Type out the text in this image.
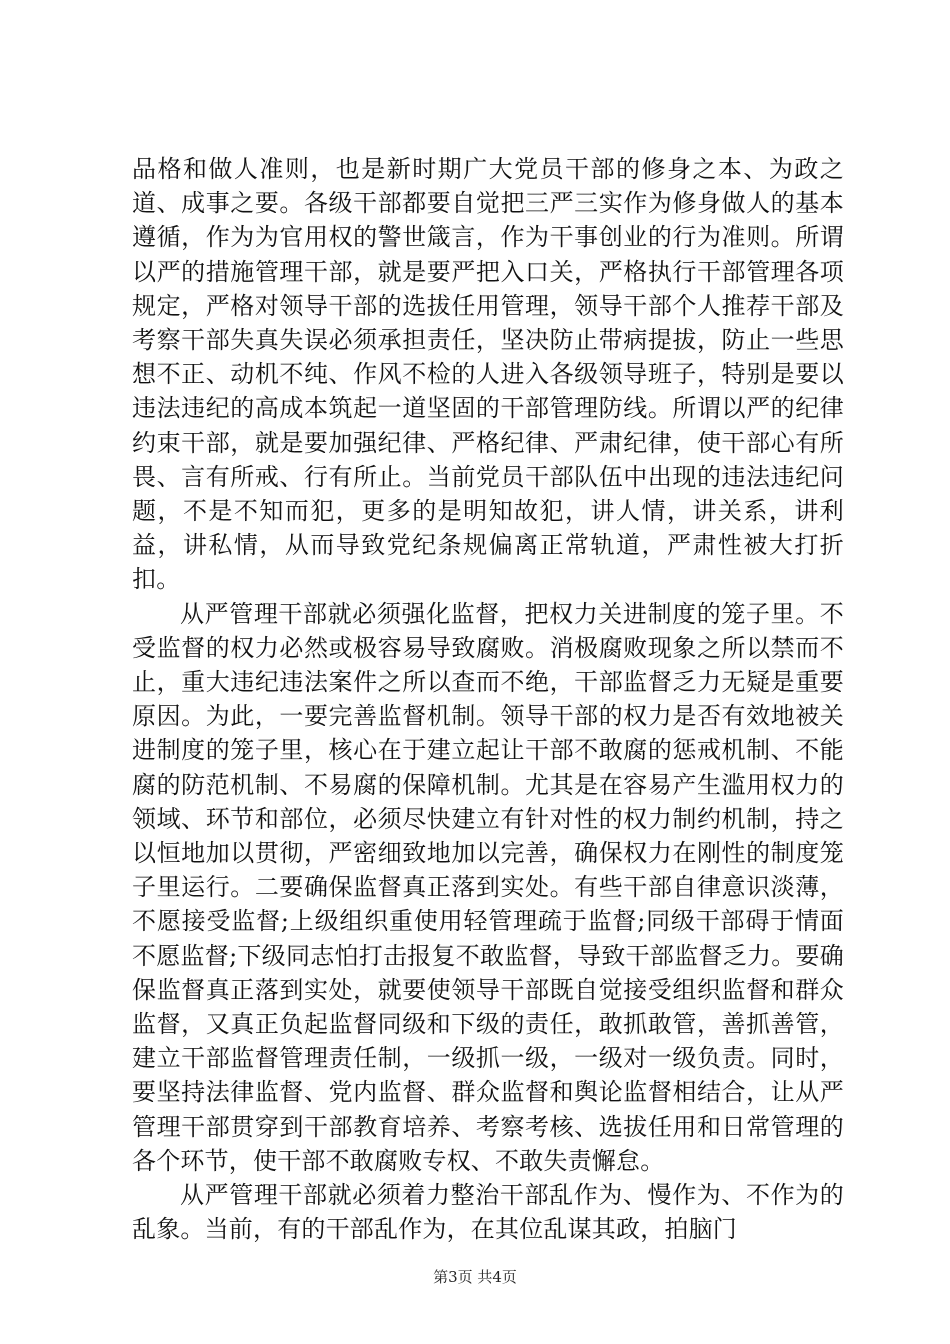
品格和做人准则，也是新时期广大党员干部的修身之本、为政之道、成事之要。各级干部都要自觉把三严三实作为修身做人的基本遵循，作为为官用权的警世箴言，作为干事创业的行为准则。所谓以严的措施管理干部，就是要严把入口关，严格执行干部管理各项规定，严格对领导干部的选拔任用管理，领导干部个人推荐干部及考察干部失真失误必须承担责任，坚决防止带病提拔，防止一些思想不正、动机不纯、作风不检的人进入各级领导班子，特别是要以违法违纪的高成本筑起一道坚固的干部管理防线。所谓以严的纪律约束干部，就是要加强纪律、严格纪律、严肃纪律，使干部心有所畏、言有所戒、行有所止。当前党员干部队伍中出现的违法违纪问题，不是不知而犯，更多的是明知故犯，讲人情，讲关系，讲利益，讲私情，从而导致党纪条规偏离正常轨道，严肃性被大打折扣。

从严管理干部就必须强化监督，把权力关进制度的笼子里。不受监督的权力必然或极容易导致腐败。消极腐败现象之所以禁而不止，重大违纪违法案件之所以查而不绝，干部监督乏力无疑是重要原因。为此，一要完善监督机制。领导干部的权力是否有效地被关进制度的笼子里，核心在于建立起让干部不敢腐的惩戒机制、不能腐的防范机制、不易腐的保障机制。尤其是在容易产生滥用权力的领域、环节和部位，必须尽快建立有针对性的权力制约机制，持之以恒地加以贯彻，严密细致地加以完善，确保权力在刚性的制度笼子里运行。二要确保监督真正落到实处。有些干部自律意识淡薄，不愿接受监督;上级组织重使用轻管理疏于监督;同级干部碍于情面不愿监督;下级同志怕打击报复不敢监督，导致干部监督乏力。要确保监督真正落到实处，就要使领导干部既自觉接受组织监督和群众监督，又真正负起监督同级和下级的责任，敢抓敢管，善抓善管，建立干部监督管理责任制，一级抓一级，一级对一级负责。同时，要坚持法律监督、党内监督、群众监督和舆论监督相结合，让从严管理干部贯穿到干部教育培养、考察考核、选拔任用和日常管理的各个环节，使干部不敢腐败专权、不敢失责懈怠。

从严管理干部就必须着力整治干部乱作为、慢作为、不作为的乱象。当前，有的干部乱作为，在其位乱谋其政，拍脑门

第3页 共4页
